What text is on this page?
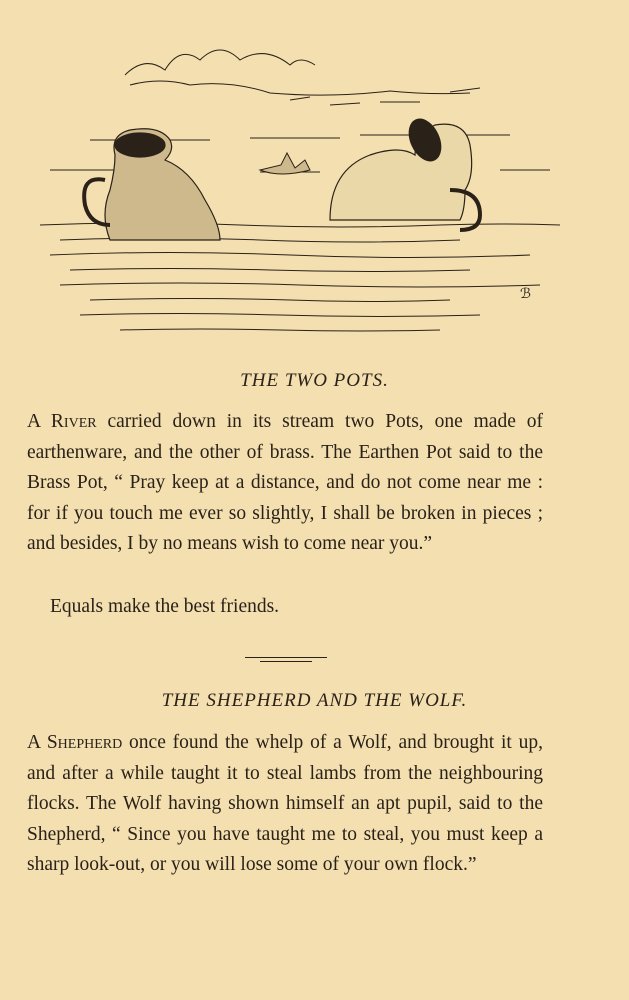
ℬ
THE TWO POTS.
A River carried down in its stream two Pots, one made of earthenware, and the other of brass. The Earthen Pot said to the Brass Pot, “ Pray keep at a distance, and do not come near me : for if you touch me ever so slightly, I shall be broken in pieces ; and besides, I by no means wish to come near you.”
Equals make the best friends.
THE SHEPHERD AND THE WOLF.
A Shepherd once found the whelp of a Wolf, and brought it up, and after a while taught it to steal lambs from the neighbouring flocks. The Wolf having shown himself an apt pupil, said to the Shepherd, “ Since you have taught me to steal, you must keep a sharp look-out, or you will lose some of your own flock.”
